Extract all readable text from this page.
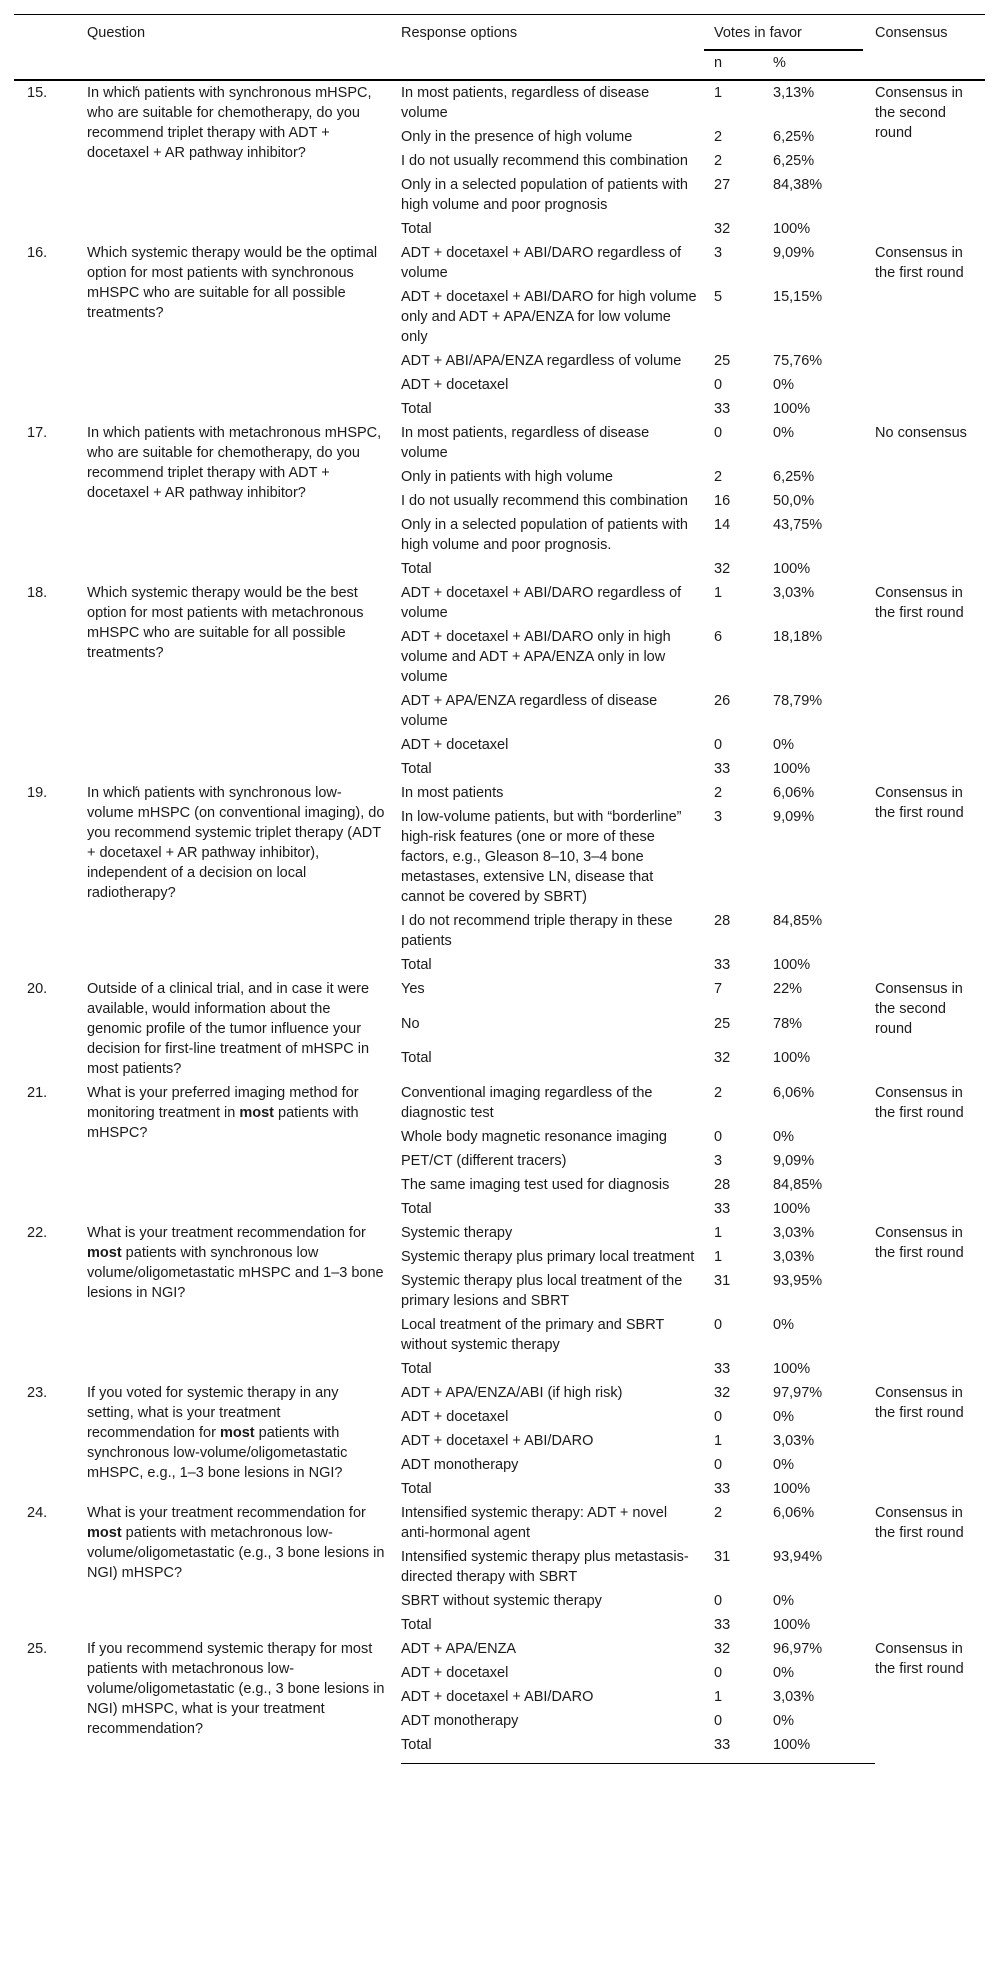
	Question	Response options	Votes in favor		Consensus
			n	%	
15.	In which́ patients with synchronous mHSPC, who are suitable for chemotherapy, do you recommend triplet therapy with ADT + docetaxel + AR pathway inhibitor?	In most patients, regardless of disease volume	1	3,13%	Consensus in the second round
		Only in the presence of high volume	2	6,25%	
		I do not usually recommend this combination	2	6,25%	
		Only in a selected population of patients with high volume and poor prognosis	27	84,38%	
		Total	32	100%	
16.	Which systemic therapy would be the optimal option for most patients with synchronous mHSPC who are suitable for all possible treatments?	ADT + docetaxel + ABI/DARO regardless of volume	3	9,09%	Consensus in the first round
		ADT + docetaxel + ABI/DARO for high volume only and ADT + APA/ENZA for low volume only	5	15,15%	
		ADT + ABI/APA/ENZA regardless of volume	25	75,76%	
		ADT + docetaxel	0	0%	
		Total	33	100%	
17.	In which patients with metachronous mHSPC, who are suitable for chemotherapy, do you recommend triplet therapy with ADT + docetaxel + AR pathway inhibitor?	In most patients, regardless of disease volume	0	0%	No consensus
		Only in patients with high volume	2	6,25%	
		I do not usually recommend this combination	16	50,0%	
		Only in a selected population of patients with high volume and poor prognosis.	14	43,75%	
		Total	32	100%	
18.	Which systemic therapy would be the best option for most patients with metachronous mHSPC who are suitable for all possible treatments?	ADT + docetaxel + ABI/DARO regardless of volume	1	3,03%	Consensus in the first round
		ADT + docetaxel + ABI/DARO only in high volume and ADT + APA/ENZA only in low volume	6	18,18%	
		ADT + APA/ENZA regardless of disease volume	26	78,79%	
		ADT + docetaxel	0	0%	
		Total	33	100%	
19.	In which́ patients with synchronous low-volume mHSPC (on conventional imaging), do you recommend systemic triplet therapy (ADT + docetaxel + AR pathway inhibitor), independent of a decision on local radiotherapy?	In most patients	2	6,06%	Consensus in the first round
		In low-volume patients, but with “borderline” high-risk features (one or more of these factors, e.g., Gleason 8–10, 3–4 bone metastases, extensive LN, disease that cannot be covered by SBRT)	3	9,09%	
		I do not recommend triple therapy in these patients	28	84,85%	
		Total	33	100%	
20.	Outside of a clinical trial, and in case it were available, would information about the genomic profile of the tumor influence your decision for first-line treatment of mHSPC in most patients?	Yes	7	22%	Consensus in the second round
		No	25	78%	
		Total	32	100%	
21.	What is your preferred imaging method for monitoring treatment in most patients with mHSPC?	Conventional imaging regardless of the diagnostic test	2	6,06%	Consensus in the first round
		Whole body magnetic resonance imaging	0	0%	
		PET/CT (different tracers)	3	9,09%	
		The same imaging test used for diagnosis	28	84,85%	
		Total	33	100%	
22.	What is your treatment recommendation for most patients with synchronous low volume/oligometastatic mHSPC and 1–3 bone lesions in NGI?	Systemic therapy	1	3,03%	Consensus in the first round
		Systemic therapy plus primary local treatment	1	3,03%	
		Systemic therapy plus local treatment of the primary lesions and SBRT	31	93,95%	
		Local treatment of the primary and SBRT without systemic therapy	0	0%	
		Total	33	100%	
23.	If you voted for systemic therapy in any setting, what is your treatment recommendation for most patients with synchronous low-volume/oligometastatic mHSPC, e.g., 1–3 bone lesions in NGI?	ADT + APA/ENZA/ABI (if high risk)	32	97,97%	Consensus in the first round
		ADT + docetaxel	0	0%	
		ADT + docetaxel + ABI/DARO	1	3,03%	
		ADT monotherapy	0	0%	
		Total	33	100%	
24.	What is your treatment recommendation for most patients with metachronous low-volume/oligometastatic (e.g., 3 bone lesions in NGI) mHSPC?	Intensified systemic therapy: ADT + novel anti-hormonal agent	2	6,06%	Consensus in the first round
		Intensified systemic therapy plus metastasis-directed therapy with SBRT	31	93,94%	
		SBRT without systemic therapy	0	0%	
		Total	33	100%	
25.	If you recommend systemic therapy for most patients with metachronous low-volume/oligometastatic (e.g., 3 bone lesions in NGI) mHSPC, what is your treatment recommendation?	ADT + APA/ENZA	32	96,97%	Consensus in the first round
		ADT + docetaxel	0	0%	
		ADT + docetaxel + ABI/DARO	1	3,03%	
		ADT monotherapy	0	0%	
		Total	33	100%	
